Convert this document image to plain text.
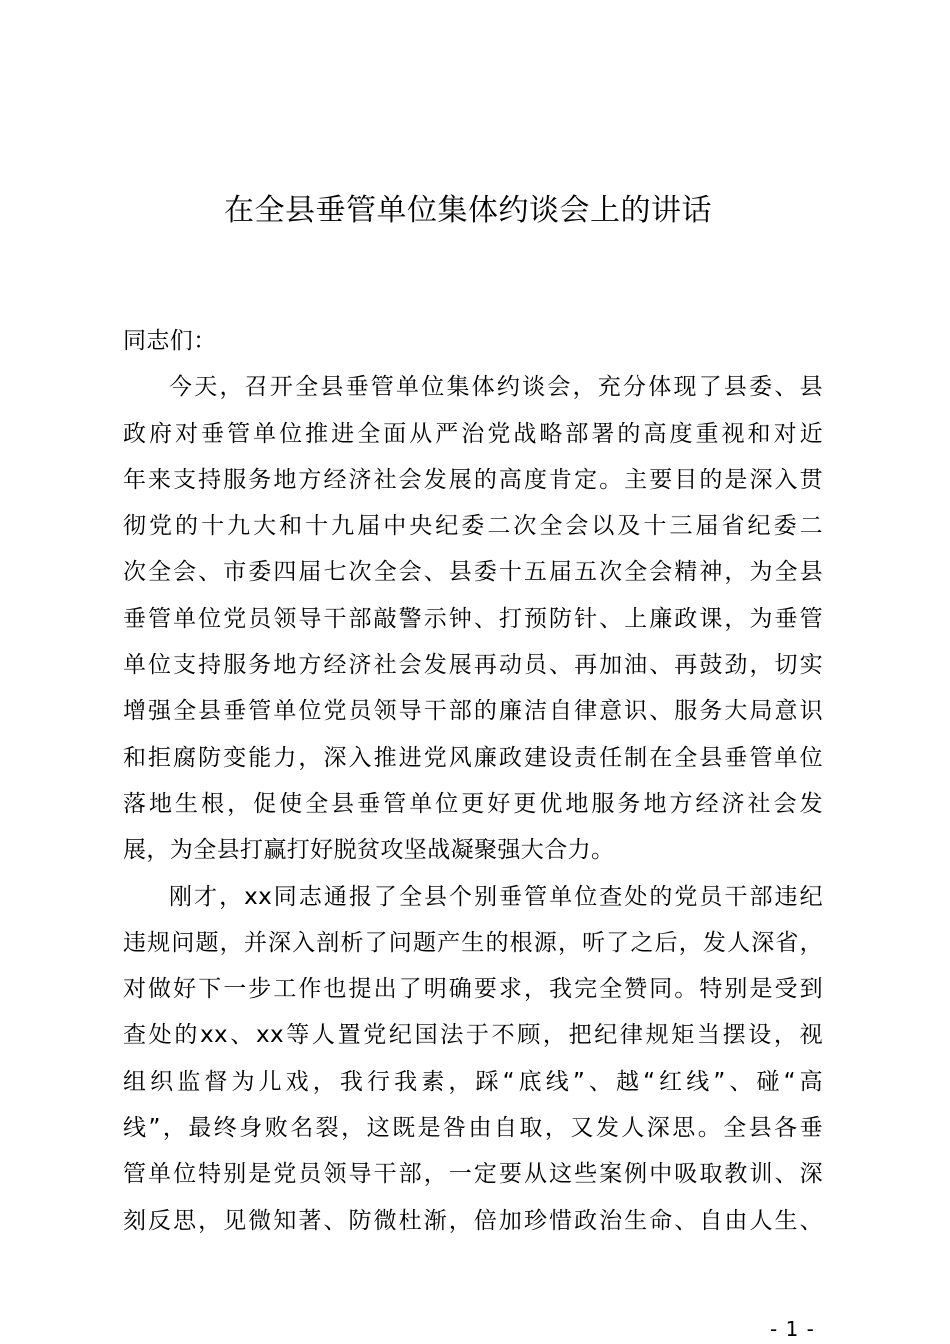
在全县垂管单位集体约谈会上的讲话
同志们：
今天，召开全县垂管单位集体约谈会，充分体现了县委、县
政府对垂管单位推进全面从严治党战略部署的高度重视和对近
年来支持服务地方经济社会发展的高度肯定。主要目的是深入贯
彻党的十九大和十九届中央纪委二次全会以及十三届省纪委二
次全会、市委四届七次全会、县委十五届五次全会精神，为全县
垂管单位党员领导干部敲警示钟、打预防针、上廉政课，为垂管
单位支持服务地方经济社会发展再动员、再加油、再鼓劲，切实
增强全县垂管单位党员领导干部的廉洁自律意识、服务大局意识
和拒腐防变能力，深入推进党风廉政建设责任制在全县垂管单位
落地生根，促使全县垂管单位更好更优地服务地方经济社会发
展，为全县打赢打好脱贫攻坚战凝聚强大合力。
刚才，xx同志通报了全县个别垂管单位查处的党员干部违纪
违规问题，并深入剖析了问题产生的根源，听了之后，发人深省，
对做好下一步工作也提出了明确要求，我完全赞同。特别是受到
查处的xx、xx等人置党纪国法于不顾，把纪律规矩当摆设，视
组织监督为儿戏，我行我素，踩“底线”、越“红线”、碰“高
线”，最终身败名裂，这既是咎由自取，又发人深思。全县各垂
管单位特别是党员领导干部，一定要从这些案例中吸取教训、深
刻反思，见微知著、防微杜渐，倍加珍惜政治生命、自由人生、
- 1 -
